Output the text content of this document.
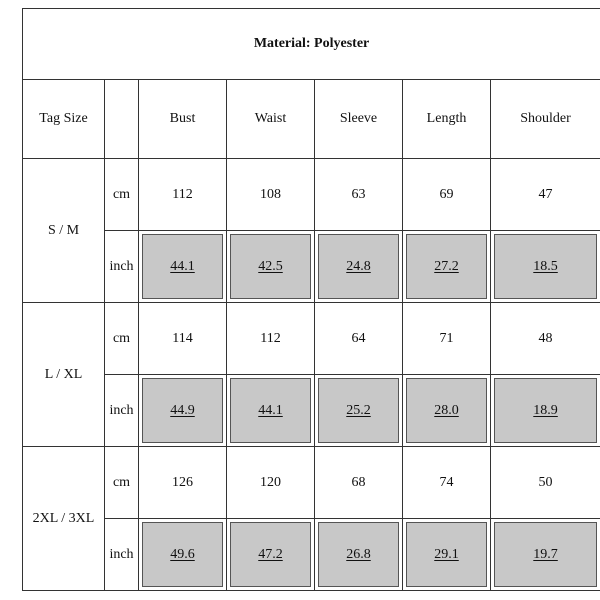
Material: Polyester						
Tag Size		Bust	Waist	Sleeve	Length	Shoulder
S / M	cm	112	108	63	69	47
	inch	44.1	42.5	24.8	27.2	18.5
L / XL	cm	114	112	64	71	48
	inch	44.9	44.1	25.2	28.0	18.9
2XL / 3XL	cm	126	120	68	74	50
	inch	49.6	47.2	26.8	29.1	19.7
